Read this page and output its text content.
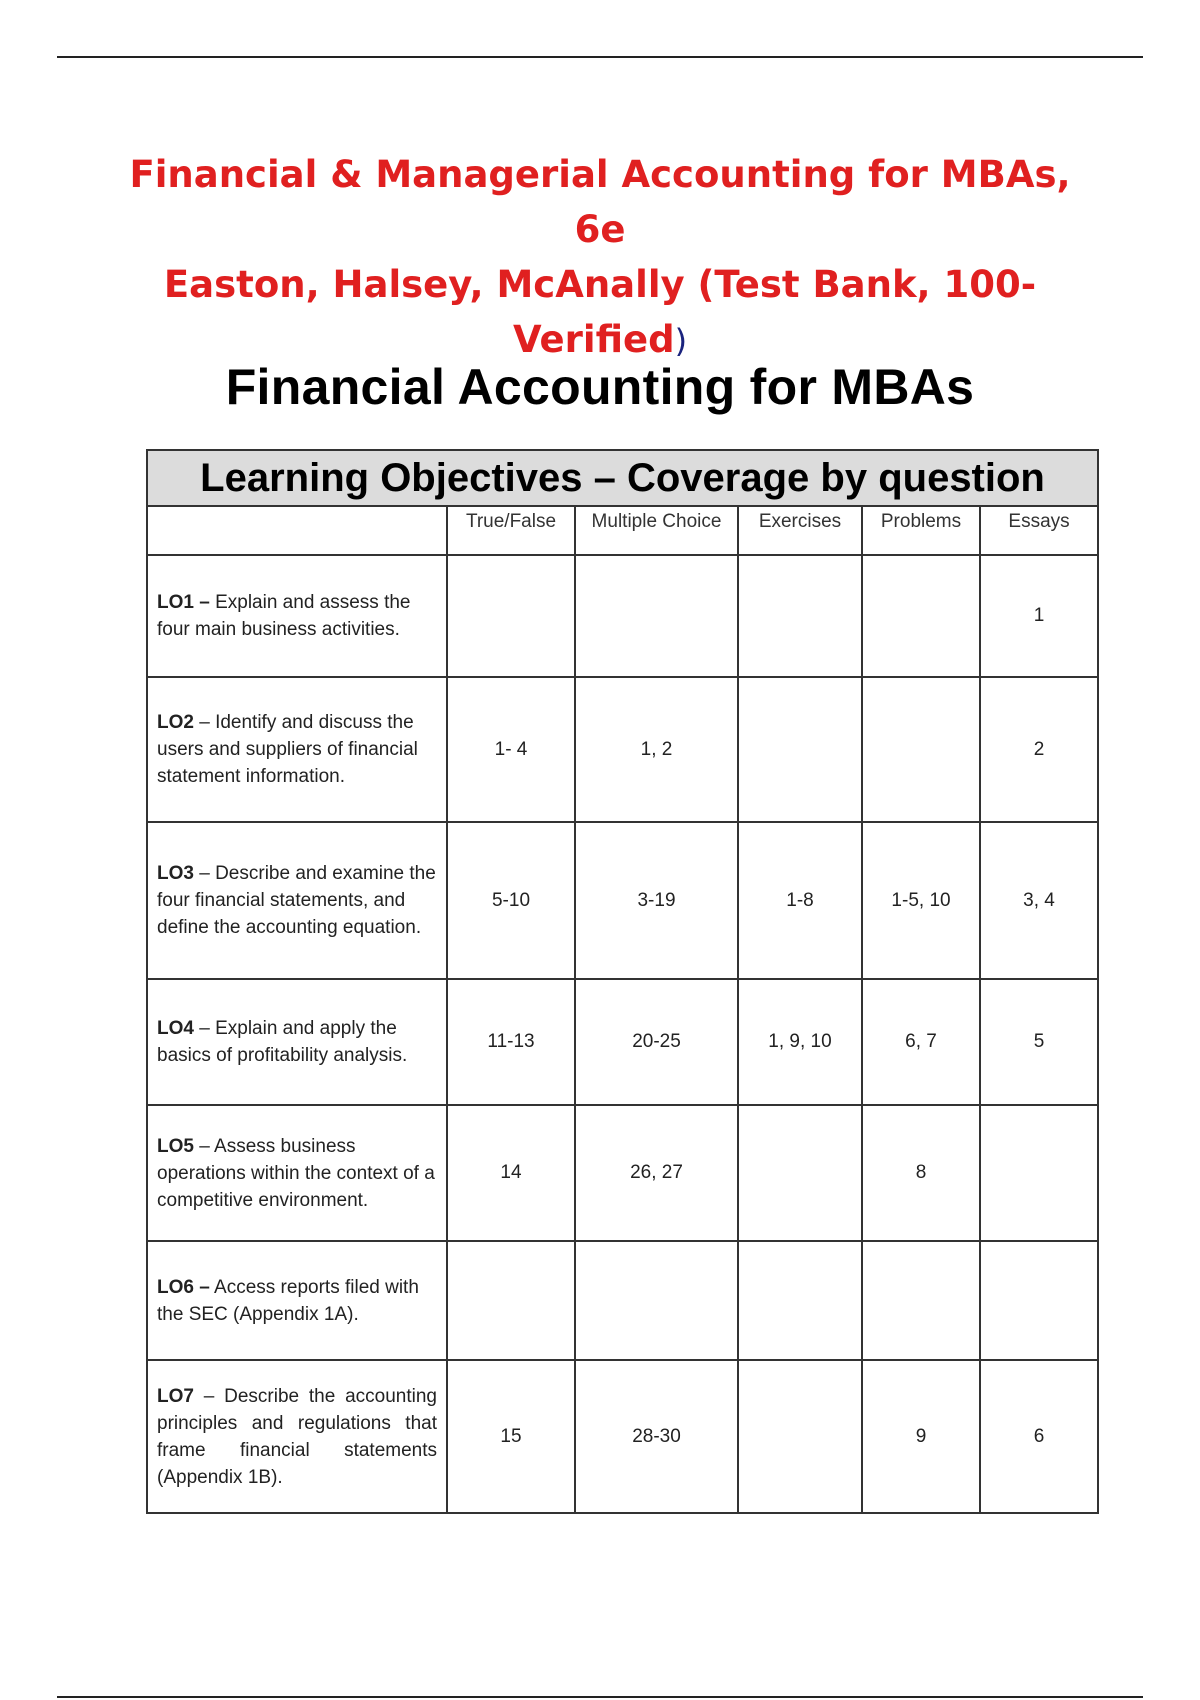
Financial & Managerial Accounting for MBAs, 6e
Easton, Halsey, McAnally (Test Bank, 100-
Verified)
Financial Accounting for MBAs
Learning Objectives – Coverage by question					
	True/False	Multiple Choice	Exercises	Problems	Essays
LO1 – Explain and assess the four main business activities.					1
LO2 – Identify and discuss the users and suppliers of financial statement information.	1- 4	1, 2			2
LO3 – Describe and examine the four financial statements, and define the accounting equation.	5-10	3-19	1-8	1-5, 10	3, 4
LO4 – Explain and apply the basics of profitability analysis.	11-13	20-25	1, 9, 10	6, 7	5
LO5 – Assess business operations within the context of a competitive environment.	14	26, 27		8	
LO6 – Access reports filed with the SEC (Appendix 1A).					
LO7 – Describe the accounting principles and regulations that frame financial statements (Appendix 1B).	15	28-30		9	6
